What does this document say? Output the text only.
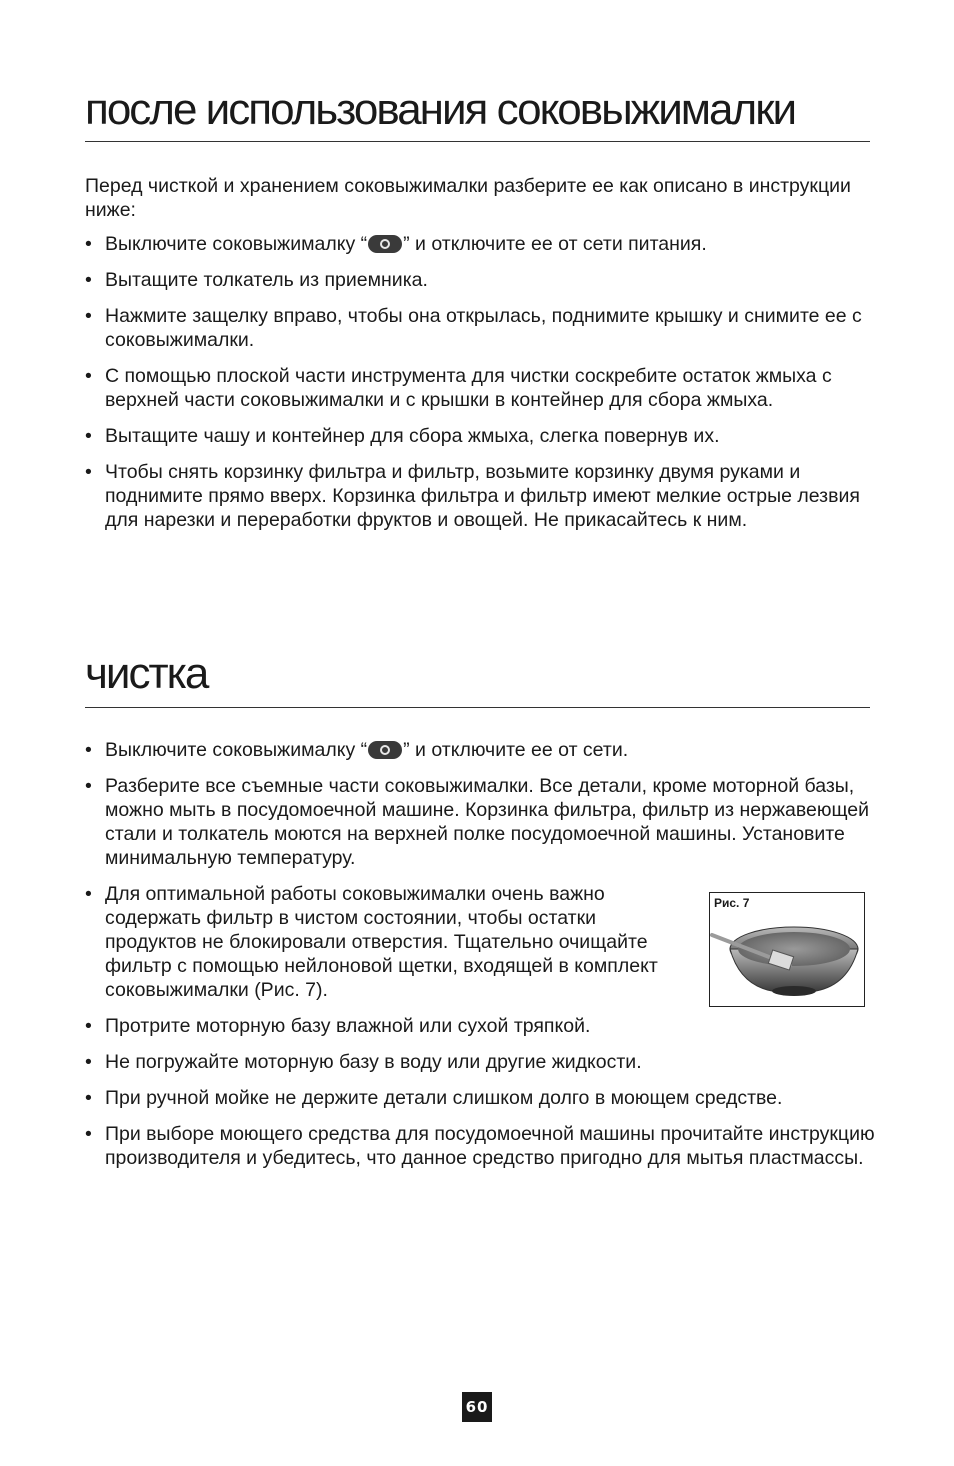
после использования соковыжималки

Перед чисткой и хранением соковыжималки разберите ее как описано в инструкции ниже:

• Выключите соковыжималку “ ” и отключите ее от сети питания.
• Вытащите толкатель из приемника.
• Нажмите защелку вправо, чтобы она открылась, поднимите крышку и снимите ее с соковыжималки.
• С помощью плоской части инструмента для чистки соскребите остаток жмыха с верхней части соковыжималки и с крышки в контейнер для сбора жмыха.
• Вытащите чашу и контейнер для сбора жмыха, слегка повернув их.
• Чтобы снять корзинку фильтра и фильтр, возьмите корзинку двумя руками и поднимите прямо вверх. Корзинка фильтра и фильтр имеют мелкие острые лезвия для нарезки и переработки фруктов и овощей. Не прикасайтесь к ним.
чистка
• Выключите соковыжималку “ ” и отключите ее от сети.
• Разберите все съемные части соковыжималки. Все детали, кроме моторной базы, можно мыть в посудомоечной машине. Корзинка фильтра, фильтр из нержавеющей стали и толкатель моются на верхней полке посудомоечной машины. Установите минимальную температуру.
• Для оптимальной работы соковыжималки очень важно содержать фильтр в чистом состоянии, чтобы остатки продуктов не блокировали отверстия. Тщательно очищайте фильтр с помощью нейлоновой щетки, входящей в комплект соковыжималки (Рис. 7).
• Протрите моторную базу влажной или сухой тряпкой.
• Не погружайте моторную базу в воду или другие жидкости.
• При ручной мойке не держите детали слишком долго в моющем средстве.
• При выборе моющего средства для посудомоечной машины прочитайте инструкцию производителя и убедитесь, что данное средство пригодно для мытья пластмассы.
Рис. 7
60
